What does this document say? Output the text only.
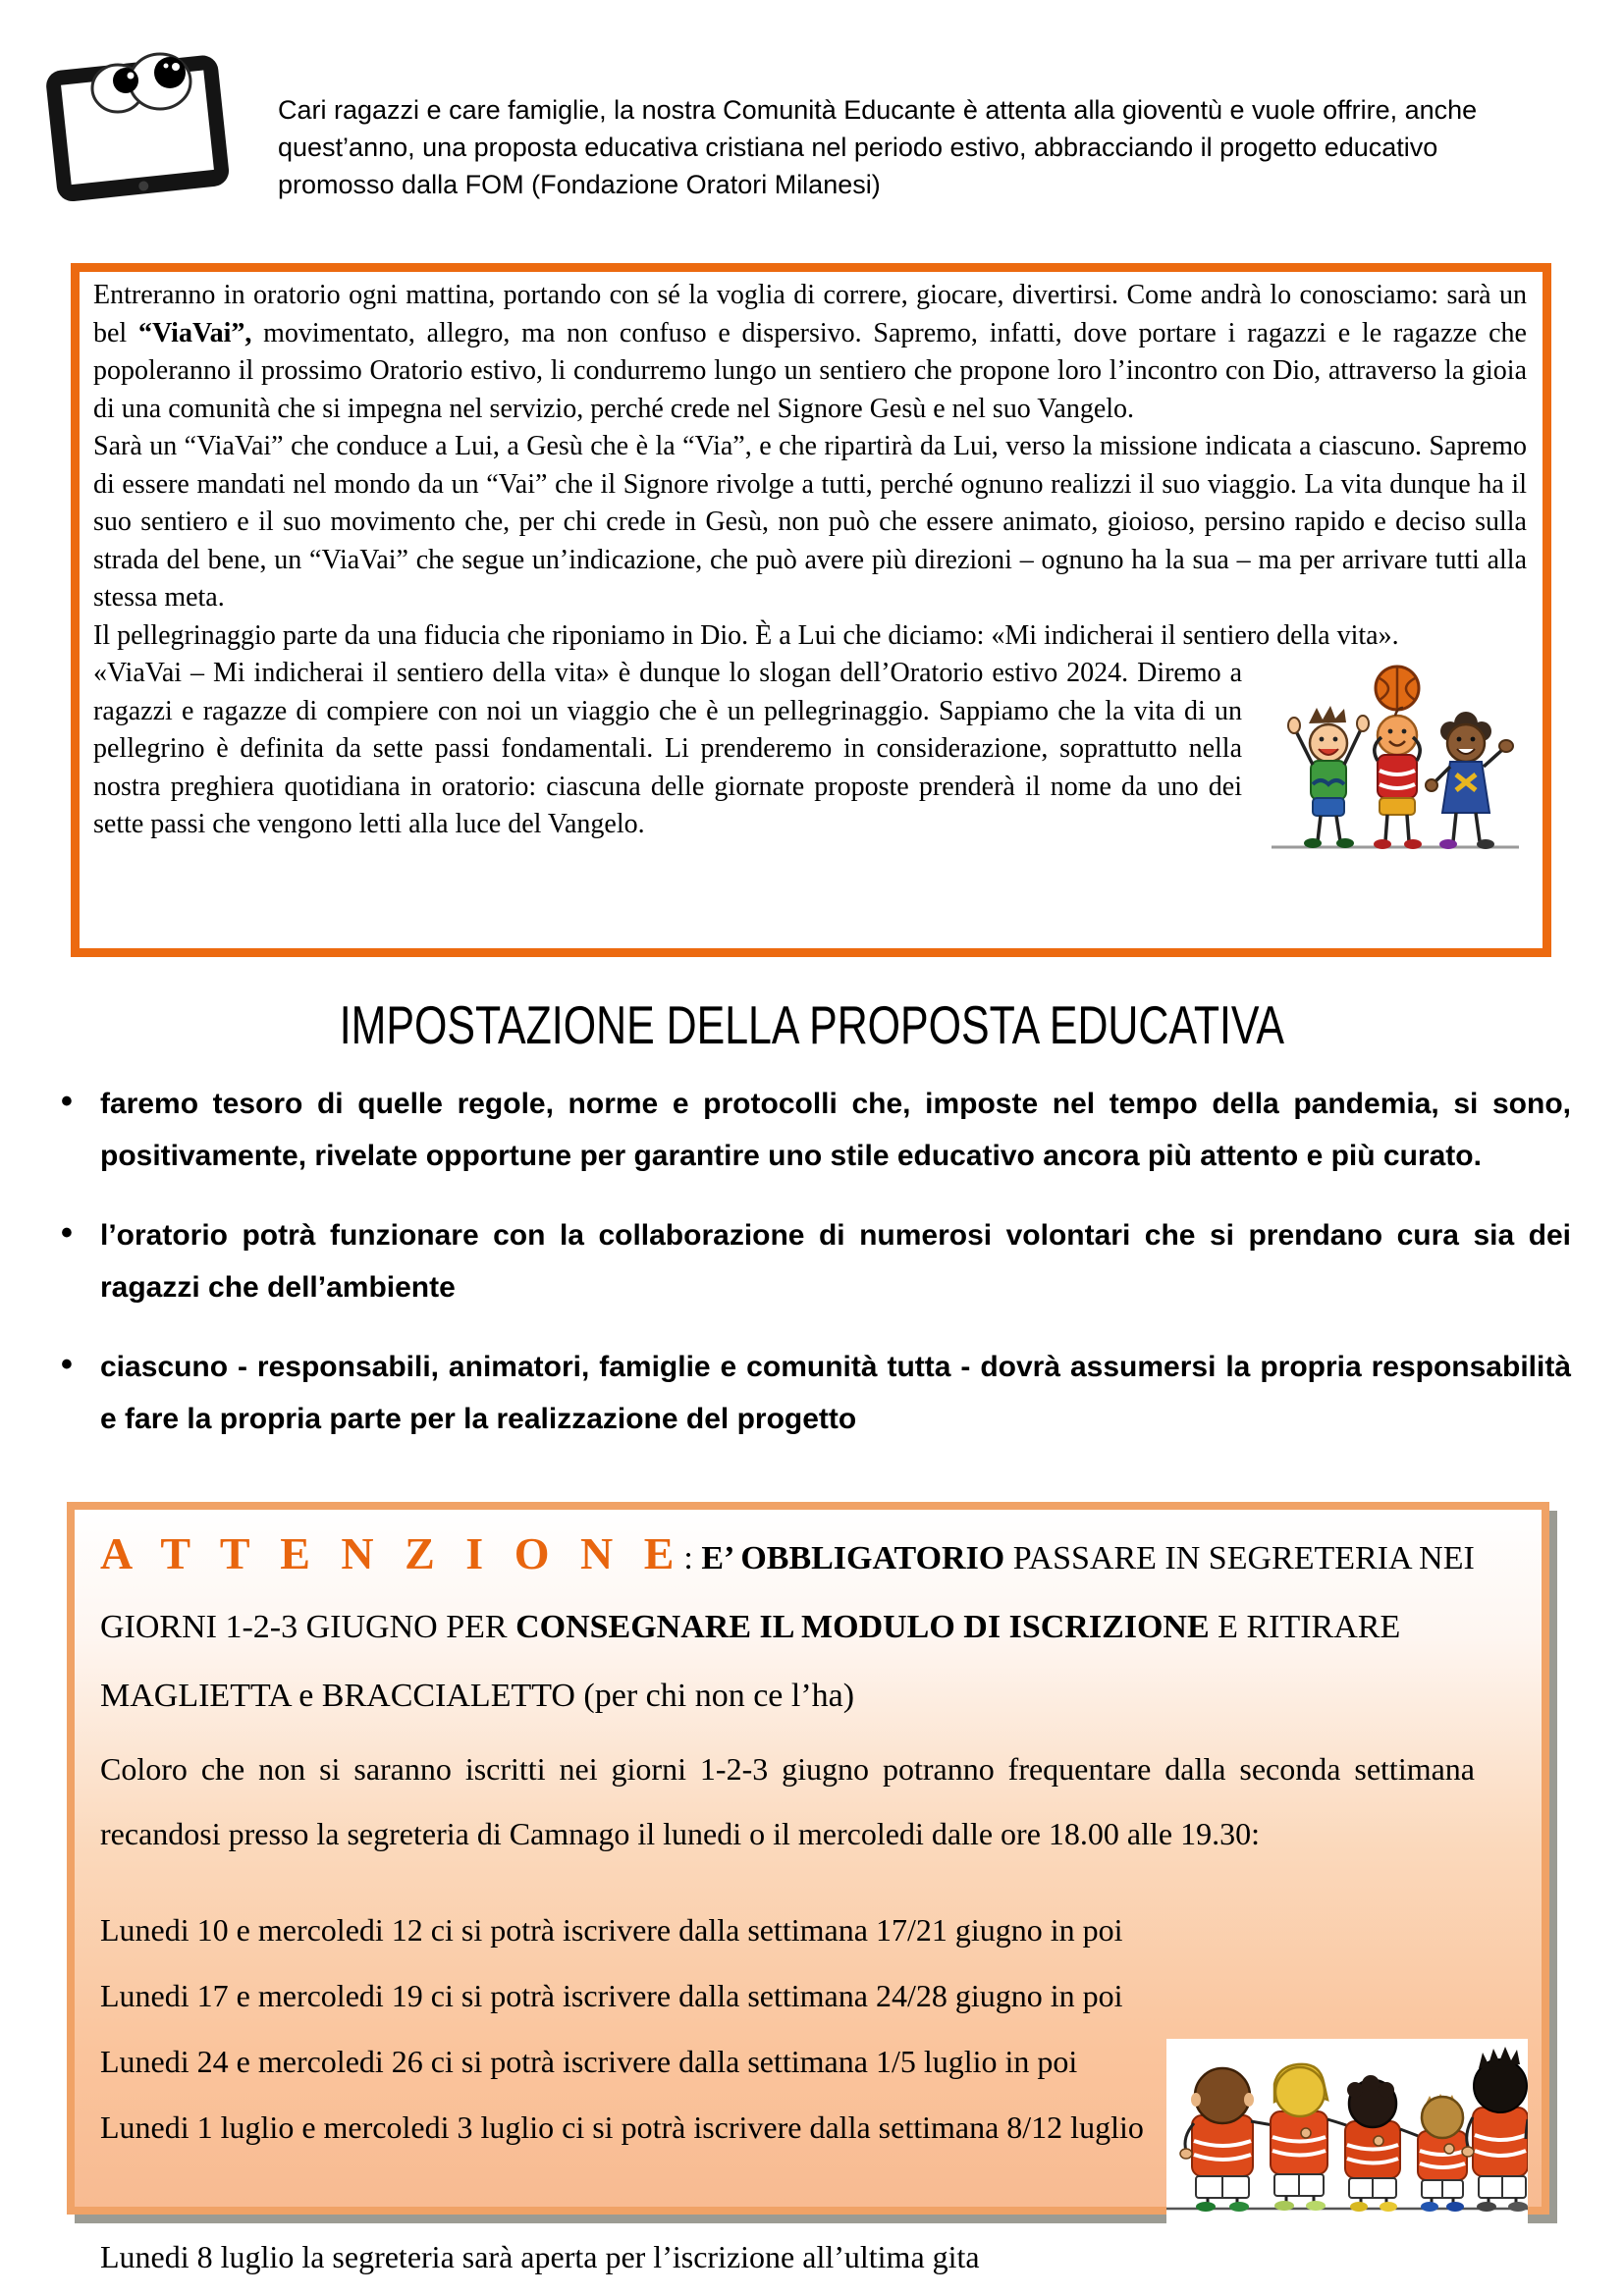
Cari ragazzi e care famiglie, la nostra Comunità Educante è attenta alla gioventù e vuole offrire, anche quest’anno, una proposta educativa cristiana nel periodo estivo, abbracciando il progetto educativo promosso dalla FOM (Fondazione Oratori Milanesi)

Entreranno in oratorio ogni mattina, portando con sé la voglia di correre, giocare, divertirsi. Come andrà lo conosciamo: sarà un bel “ViaVai”, movimentato, allegro, ma non confuso e dispersivo. Sapremo, infatti, dove portare i ragazzi e le ragazze che popoleranno il prossimo Oratorio estivo, li condurremo lungo un sentiero che propone loro l’incontro con Dio, attraverso la gioia di una comunità che si impegna nel servizio, perché crede nel Signore Gesù e nel suo Vangelo.

Sarà un “ViaVai” che conduce a Lui, a Gesù che è la “Via”, e che ripartirà da Lui, verso la missione indicata a ciascuno. Sapremo di essere mandati nel mondo da un “Vai” che il Signore rivolge a tutti, perché ognuno realizzi il suo viaggio. La vita dunque ha il suo sentiero e il suo movimento che, per chi crede in Gesù, non può che essere animato, gioioso, persino rapido e deciso sulla strada del bene, un “ViaVai” che segue un’indicazione, che può avere più direzioni – ognuno ha la sua – ma per arrivare tutti alla stessa meta.

Il pellegrinaggio parte da una fiducia che riponiamo in Dio. È a Lui che diciamo: «Mi indicherai il sentiero della vita».

«ViaVai – Mi indicherai il sentiero della vita» è dunque lo slogan dell’Oratorio estivo 2024. Diremo a ragazzi e ragazze di compiere con noi un viaggio che è un pellegrinaggio. Sappiamo che la vita di un pellegrino è definita da sette passi fondamentali. Li prenderemo in considerazione, soprattutto nella nostra preghiera quotidiana in oratorio: ciascuna delle giornate proposte prenderà il nome da uno dei sette passi che vengono letti alla luce del Vangelo.

IMPOSTAZIONE DELLA PROPOSTA EDUCATIVA
• faremo tesoro di quelle regole, norme e protocolli che, imposte nel tempo della pandemia, si sono, positivamente, rivelate opportune per garantire uno stile educativo ancora più attento e più curato.
• l’oratorio potrà funzionare con la collaborazione di numerosi volontari che si prendano cura sia dei ragazzi che dell’ambiente
• ciascuno - responsabili, animatori, famiglie e comunità tutta - dovrà assumersi la propria responsabilità e fare la propria parte per la realizzazione del progetto
A T T E N Z I O N E: E’ OBBLIGATORIO PASSARE IN SEGRETERIA NEI GIORNI 1-2-3 GIUGNO PER CONSEGNARE IL MODULO DI ISCRIZIONE E RITIRARE MAGLIETTA e BRACCIALETTO (per chi non ce l’ha)

Coloro che non si saranno iscritti nei giorni 1-2-3 giugno potranno frequentare dalla seconda settimana recandosi presso la segreteria di Camnago il lunedi o il mercoledi dalle ore 18.00 alle 19.30:

Lunedi 10 e mercoledi 12 ci si potrà iscrivere dalla settimana 17/21 giugno in poi
Lunedi 17 e mercoledi 19 ci si potrà iscrivere dalla settimana 24/28 giugno in poi
Lunedi 24 e mercoledi 26 ci si potrà iscrivere dalla settimana 1/5 luglio in poi
Lunedi 1 luglio e mercoledi 3 luglio ci si potrà iscrivere dalla settimana 8/12 luglio

Lunedi 8 luglio la segreteria sarà aperta per l’iscrizione all’ultima gita
